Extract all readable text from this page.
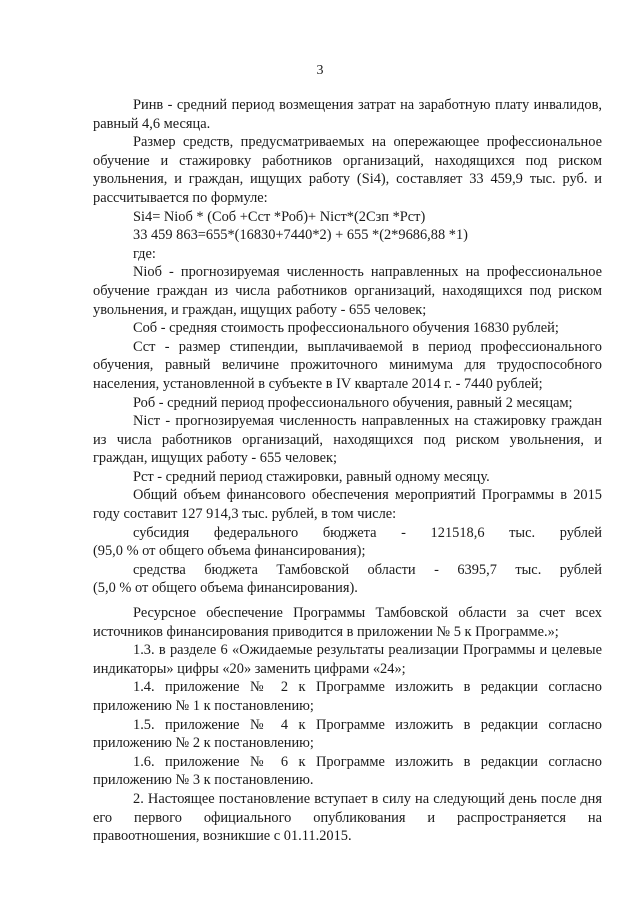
3

Ринв - средний период возмещения затрат на заработную плату инвалидов, равный 4,6 месяца.

Размер средств, предусматриваемых на опережающее профессиональное обучение и стажировку работников организаций, находящихся под риском увольнения, и граждан, ищущих работу (Si4), составляет 33 459,9 тыс. руб. и рассчитывается по формуле:

Si4= Nioб * (Соб +Сст *Роб)+ Niст*(2Сзп *Рст)

33 459 863=655*(16830+7440*2) + 655 *(2*9686,88 *1)

где:

Nioб - прогнозируемая численность направленных на профессиональное обучение граждан из числа работников организаций, находящихся под риском увольнения, и граждан, ищущих работу - 655 человек;

Соб - средняя стоимость профессионального обучения 16830 рублей;

Сст - размер стипендии, выплачиваемой в период профессионального обучения, равный величине прожиточного минимума для трудоспособного населения, установленной в субъекте в IV квартале 2014 г. - 7440 рублей;

Роб - средний период профессионального обучения, равный 2 месяцам;

Niст - прогнозируемая численность направленных на стажировку граждан из числа работников организаций, находящихся под риском увольнения, и граждан, ищущих работу - 655 человек;

Рст - средний период стажировки, равный одному месяцу.

Общий объем финансового обеспечения мероприятий Программы в 2015 году составит 127 914,3 тыс. рублей, в том числе:

субсидия федерального бюджета - 121518,6 тыс. рублей

(95,0 % от общего объема финансирования);

средства бюджета Тамбовской области - 6395,7 тыс. рублей

(5,0 % от общего объема финансирования).

Ресурсное обеспечение Программы Тамбовской области за счет всех источников финансирования приводится в приложении № 5 к Программе.»;

1.3. в разделе 6 «Ожидаемые результаты реализации Программы и целевые индикаторы» цифры «20» заменить цифрами «24»;

1.4. приложение № 2 к Программе изложить в редакции согласно приложению № 1 к постановлению;

1.5. приложение № 4 к Программе изложить в редакции согласно приложению № 2 к постановлению;

1.6. приложение № 6 к Программе изложить в редакции согласно приложению № 3 к постановлению.

2. Настоящее постановление вступает в силу на следующий день после дня его первого официального опубликования и распространяется на правоотношения, возникшие с 01.11.2015.
